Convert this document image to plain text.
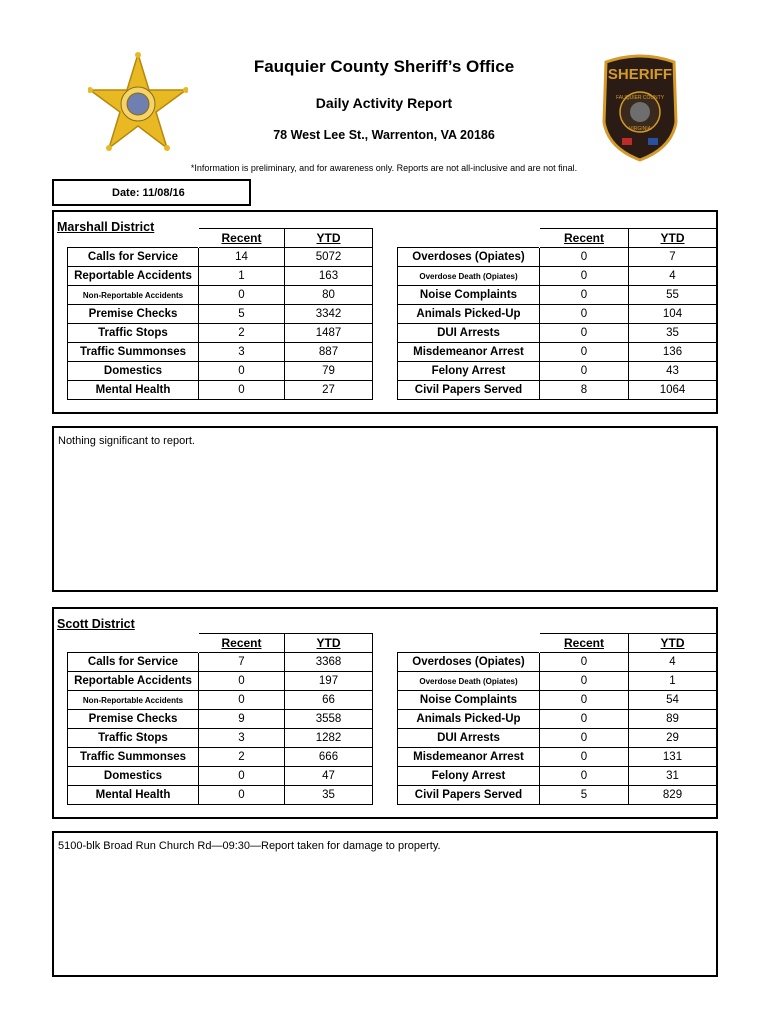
SHERIFF
FAUQUIER COUNTY
VIRGINIA
Fauquier County Sheriff’s Office
Daily Activity Report
78 West Lee St., Warrenton, VA 20186
*Information is preliminary, and for awareness only. Reports are not all-inclusive and are not final.
Date: 11/08/16
Marshall District
	Recent	YTD
Calls for Service	14	5072
Reportable Accidents	1	163
Non-Reportable Accidents	0	80
Premise Checks	5	3342
Traffic Stops	2	1487
Traffic Summonses	3	887
Domestics	0	79
Mental Health	0	27
	Recent	YTD
Overdoses (Opiates)	0	7
Overdose Death (Opiates)	0	4
Noise Complaints	0	55
Animals Picked-Up	0	104
DUI Arrests	0	35
Misdemeanor Arrest	0	136
Felony Arrest	0	43
Civil Papers Served	8	1064
Nothing significant to report.
Scott District
	Recent	YTD
Calls for Service	7	3368
Reportable Accidents	0	197
Non-Reportable Accidents	0	66
Premise Checks	9	3558
Traffic Stops	3	1282
Traffic Summonses	2	666
Domestics	0	47
Mental Health	0	35
	Recent	YTD
Overdoses (Opiates)	0	4
Overdose Death (Opiates)	0	1
Noise Complaints	0	54
Animals Picked-Up	0	89
DUI Arrests	0	29
Misdemeanor Arrest	0	131
Felony Arrest	0	31
Civil Papers Served	5	829
5100-blk Broad Run Church Rd—09:30—Report taken for damage to property.
